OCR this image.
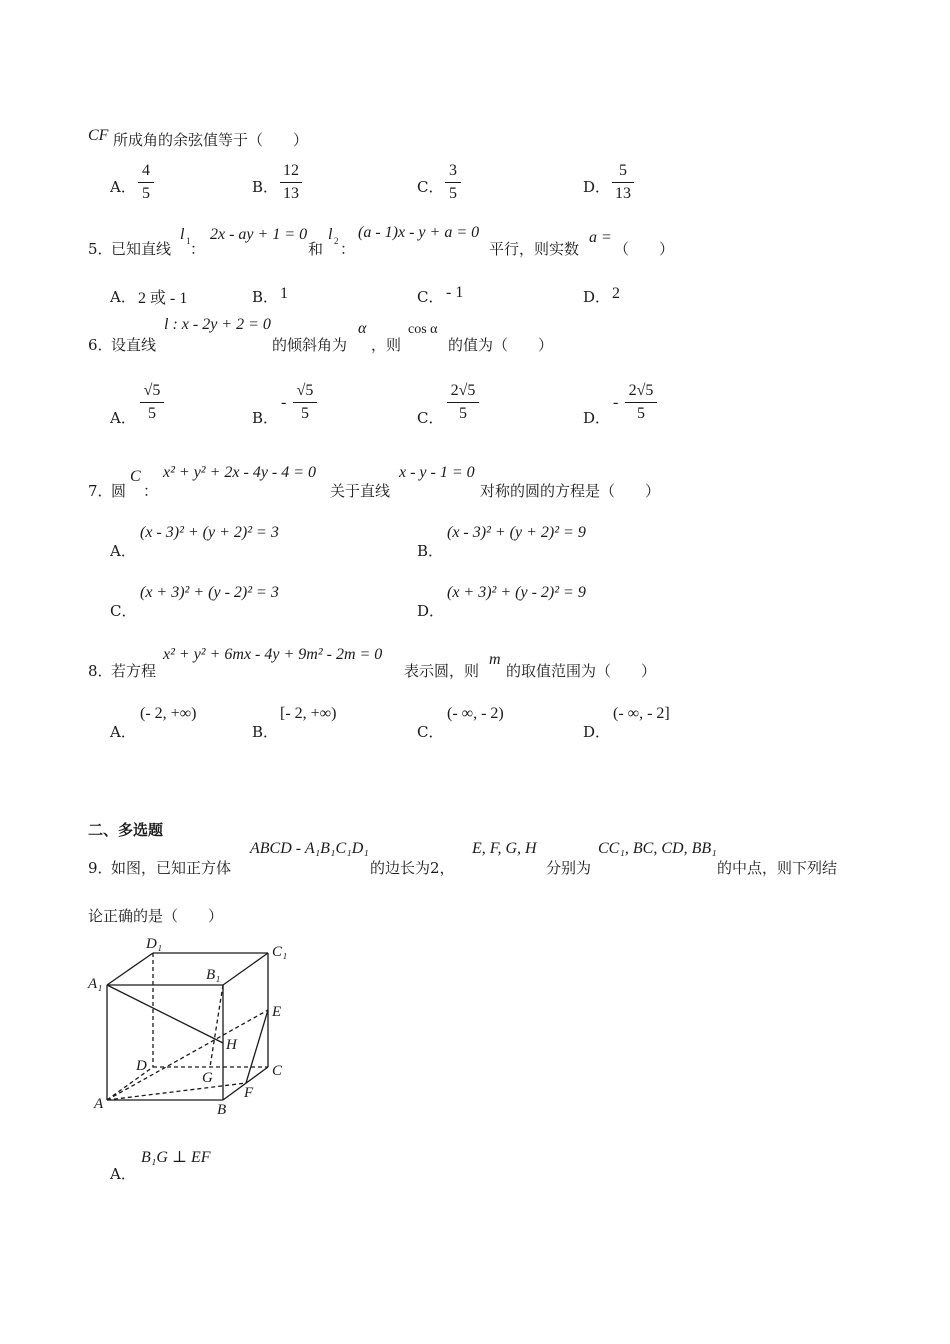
CF 所成角的余弦值等于（　　）
A．
4
5	B．
12
13	C．
3
5	D．
5
13
5．
已知直线
l 1 ：
2x - ay + 1 = 0
和
l 2 ：
(a - 1)x - y + a = 0
平行，则实数
a =
（　　）
A． 2 或 - 1	B． 1	C． - 1	D． 2
6．
设直线
l : x - 2y + 2 = 0
的倾斜角为
α
，则
cos α
的值为（　　）
A．
√5
5	B．
-
√5
5	C．
2√5
5	D．
-
2√5
5
7．
圆
C
：
x² + y² + 2x - 4y - 4 = 0
关于直线
x - y - 1 = 0
对称的圆的方程是（　　）
A．
(x - 3)² + (y + 2)² = 3
B．
(x - 3)² + (y + 2)² = 9
C．
(x + 3)² + (y - 2)² = 3
D．
(x + 3)² + (y - 2)² = 9
8．
若方程
x² + y² + 6mx - 4y + 9m² - 2m = 0
表示圆，则
m
的取值范围为（　　）
A．
(- 2, +∞)
B．
[- 2, +∞)
C．
(- ∞, - 2)
D．
(- ∞, - 2]
二、多选题
9．
如图，已知正方体
ABCD - A₁B₁C₁D₁
的边长为2，
E, F, G, H
分别为
CC₁, BC, CD, BB₁
的中点，则下列结
论正确的是（　　）
D₁	C₁
A₁
B₁
E
H
D	C
G
F
A	B
A．
B₁G ⊥ EF
